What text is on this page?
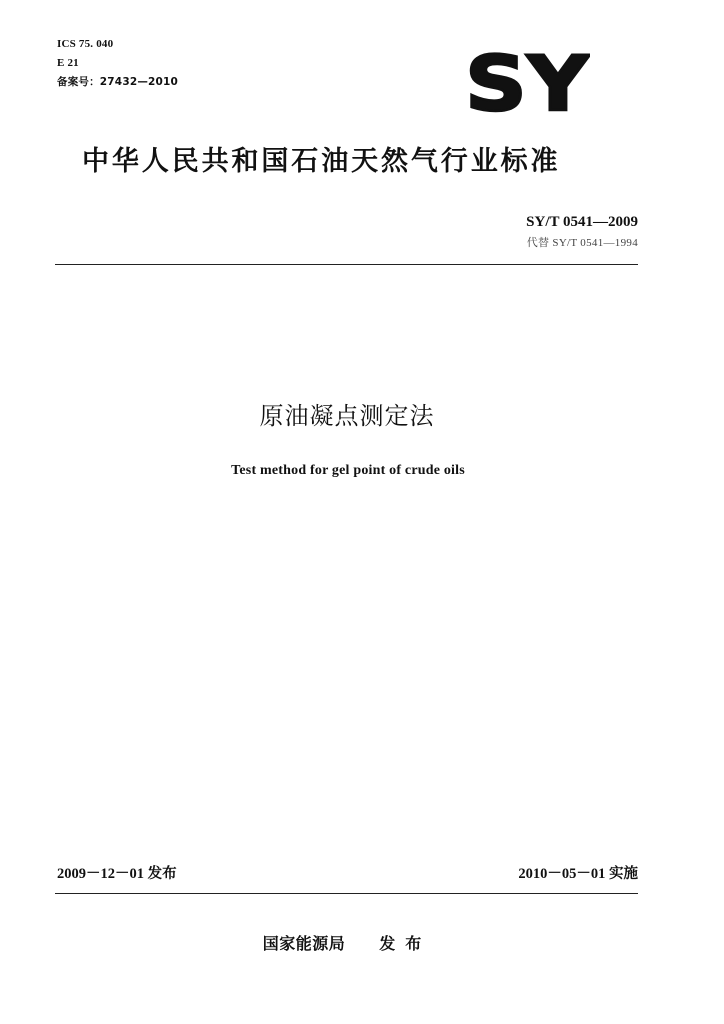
ICS 75. 040
E 21
备案号：27432—2010	SY
中华人民共和国石油天然气行业标准
SY/T 0541—2009
代替 SY/T 0541—1994
原油凝点测定法
Test method for gel point of crude oils
2009－12－01 发布	2010－05－01 实施
国家能源局 发布
